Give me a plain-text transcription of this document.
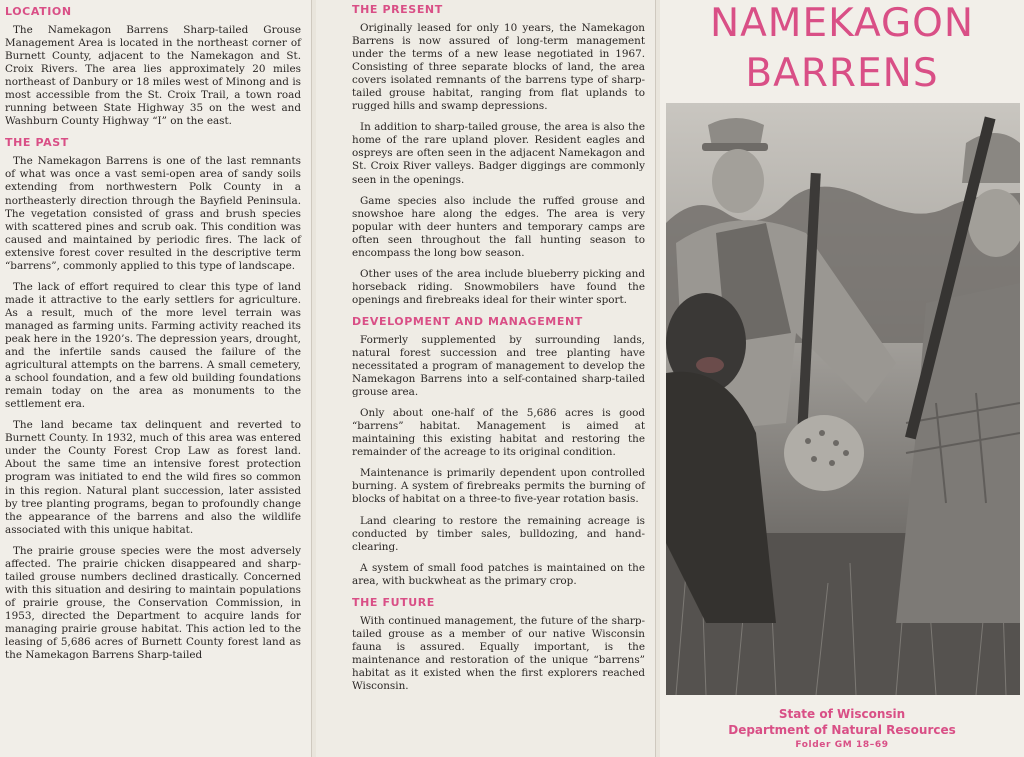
LOCATION

The Namekagon Barrens Sharp-tailed Grouse Management Area is located in the northeast corner of Burnett County, adjacent to the Namekagon and St. Croix Rivers. The area lies approximately 20 miles northeast of Danbury or 18 miles west of Minong and is most accessible from the St. Croix Trail, a town road running between State Highway 35 on the west and Washburn County Highway “I” on the east.

THE PAST

The Namekagon Barrens is one of the last remnants of what was once a vast semi-open area of sandy soils extending from northwestern Polk County in a northeasterly direction through the Bayfield Peninsula. The vegetation consisted of grass and brush species with scattered pines and scrub oak. This condition was caused and maintained by periodic fires. The lack of extensive forest cover resulted in the descriptive term “barrens”, commonly applied to this type of landscape.

The lack of effort required to clear this type of land made it attractive to the early settlers for agriculture. As a result, much of the more level terrain was managed as farming units. Farming activity reached its peak here in the 1920’s. The depression years, drought, and the infertile sands caused the failure of the agricultural attempts on the barrens. A small cemetery, a school foundation, and a few old building foundations remain today on the area as monuments to the settlement era.

The land became tax delinquent and reverted to Burnett County. In 1932, much of this area was entered under the County Forest Crop Law as forest land. About the same time an intensive forest protection program was initiated to end the wild fires so common in this region. Natural plant succession, later assisted by tree planting programs, began to profoundly change the appearance of the barrens and also the wildlife associated with this unique habitat.

The prairie grouse species were the most adversely affected. The prairie chicken disappeared and sharp-tailed grouse numbers declined drastically. Concerned with this situation and desiring to maintain populations of prairie grouse, the Conservation Commission, in 1953, directed the Department to acquire lands for managing prairie grouse habitat. This action led to the leasing of 5,686 acres of Burnett County forest land as the Namekagon Barrens Sharp-tailed

THE PRESENT

Originally leased for only 10 years, the Namekagon Barrens is now assured of long-term management under the terms of a new lease negotiated in 1967. Consisting of three separate blocks of land, the area covers isolated remnants of the barrens type of sharp-tailed grouse habitat, ranging from flat uplands to rugged hills and swamp depressions.

In addition to sharp-tailed grouse, the area is also the home of the rare upland plover. Resident eagles and ospreys are often seen in the adjacent Namekagon and St. Croix River valleys. Badger diggings are commonly seen in the openings.

Game species also include the ruffed grouse and snowshoe hare along the edges. The area is very popular with deer hunters and temporary camps are often seen throughout the fall hunting season to encompass the long bow season.

Other uses of the area include blueberry picking and horseback riding. Snowmobilers have found the openings and firebreaks ideal for their winter sport.

DEVELOPMENT AND MANAGEMENT

Formerly supplemented by surrounding lands, natural forest succession and tree planting have necessitated a program of management to develop the Namekagon Barrens into a self-contained sharp-tailed grouse area.

Only about one-half of the 5,686 acres is good “barrens” habitat. Management is aimed at maintaining this existing habitat and restoring the remainder of the acreage to its original condition.

Maintenance is primarily dependent upon controlled burning. A system of firebreaks permits the burning of blocks of habitat on a three-to five-year rotation basis.

Land clearing to restore the remaining acreage is conducted by timber sales, bulldozing, and hand-clearing.

A system of small food patches is maintained on the area, with buckwheat as the primary crop.

THE FUTURE

With continued management, the future of the sharp-tailed grouse as a member of our native Wisconsin fauna is assured. Equally important, is the maintenance and restoration of the unique “barrens” habitat as it existed when the first explorers reached Wisconsin.

NAMEKAGON
BARRENS

State of Wisconsin

Department of Natural Resources

Folder GM 18–69
